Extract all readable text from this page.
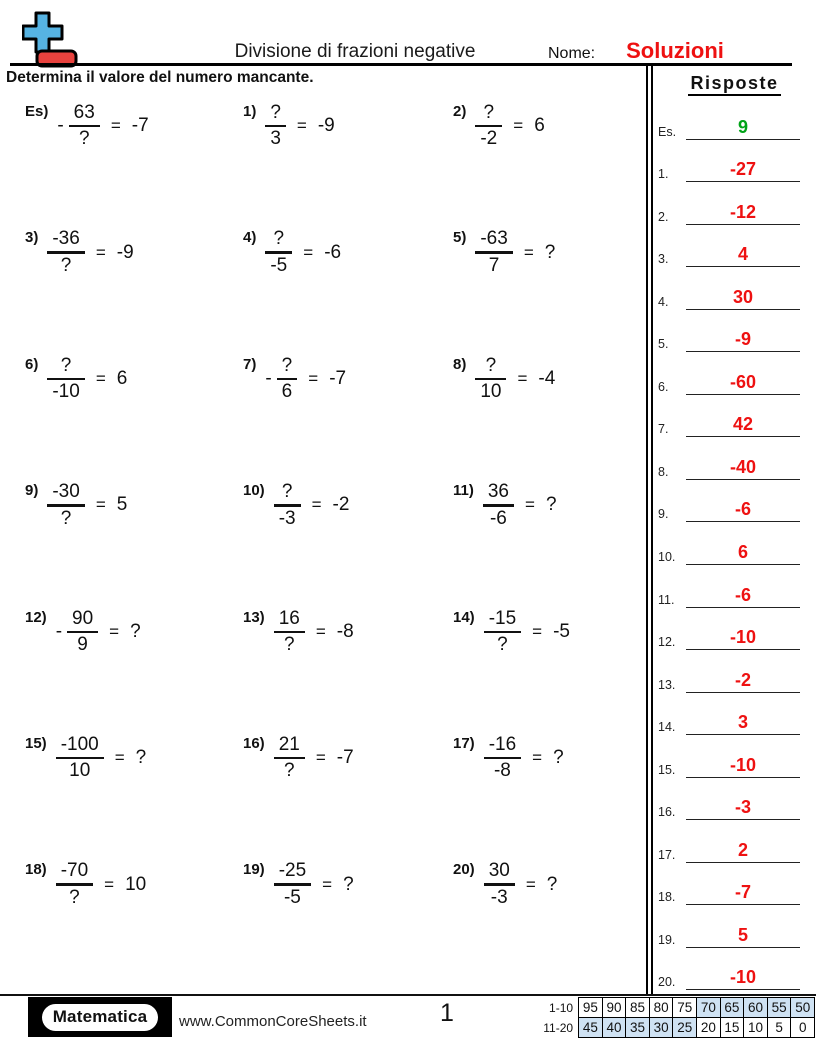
Divisione di frazioni negative	Nome: Soluzioni
Determina il valore del numero mancante.
Es)
- $\frac{63}{?} = -7$
$1) \frac{?}{3} = -9$
$2) \frac{?}{-2} = 6$
$3) \frac{-36}{?} = -9$
$4) \frac{?}{-5} = -6$
$5) \frac{-63}{7}$ = ?
$6) \frac{?}{-10} = 6$
7)
- $\frac{?}{6} = -7$
$8) \frac{?}{10} = -4$
$9) \frac{-30}{?} = 5$
$10) \frac{?}{-3} = -2$
$11) \frac{36}{-6}$ = ?
12)
- $\frac{90}{9}$ = ?
$13) \frac{16}{?} = -8$
$14) \frac{-15}{?} = -5$
$15) \frac{-100}{10}$ = ?
$16) \frac{21}{?} = -7$
$17) \frac{-16}{-8}$ = ?
$18) \frac{-70}{?} = 10$
$19) \frac{-25}{-5}$ = ?
$20) \frac{30}{-3}$ = ?
Risposte
Es.	9
1.	-27
2.	-12
3.	4
4.	30
5.	-9
6.	-60
7.	42
8.	-40
9.	-6
10.	6
11.	-6
12.	-10
13.	-2
14.	3
15.	-10
16.	-3
17.	2
18.	-7
19.	5
20.	-10
Matematica	www.CommonCoreSheets.it	1	1-10 95 90 85 80 75 70 65 60 55 50
11-20 45 40 35 30 25 20 15 10 5	0
